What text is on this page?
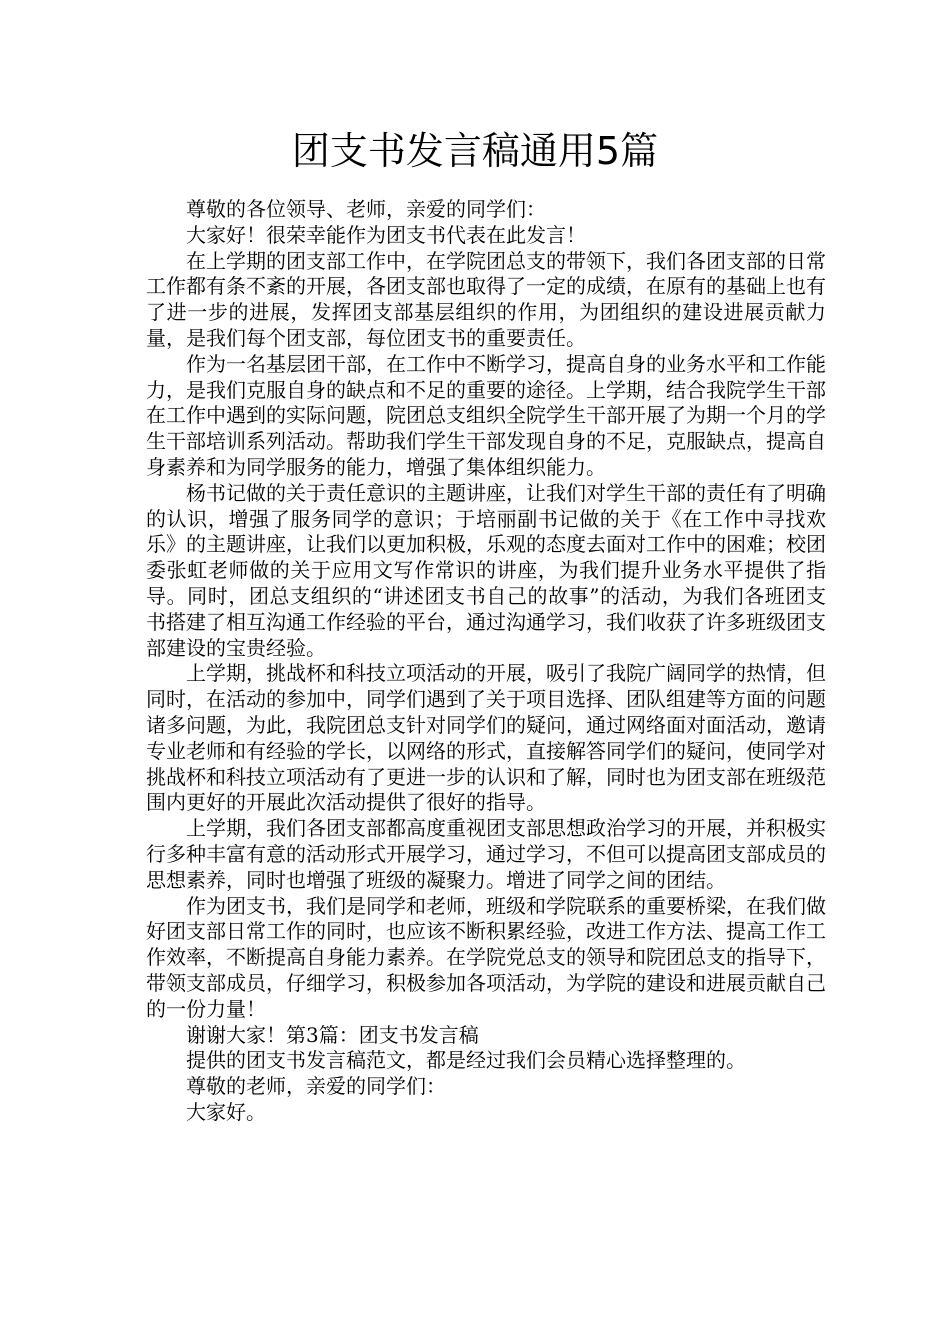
团支书发言稿通用5篇

尊敬的各位领导、老师，亲爱的同学们：

大家好！很荣幸能作为团支书代表在此发言！

在上学期的团支部工作中，在学院团总支的带领下，我们各团支部的日常工作都有条不紊的开展，各团支部也取得了一定的成绩，在原有的基础上也有了进一步的进展，发挥团支部基层组织的作用，为团组织的建设进展贡献力量，是我们每个团支部，每位团支书的重要责任。

作为一名基层团干部，在工作中不断学习，提高自身的业务水平和工作能力，是我们克服自身的缺点和不足的重要的途径。上学期，结合我院学生干部在工作中遇到的实际问题，院团总支组织全院学生干部开展了为期一个月的学生干部培训系列活动。帮助我们学生干部发现自身的不足，克服缺点，提高自身素养和为同学服务的能力，增强了集体组织能力。

杨书记做的关于责任意识的主题讲座，让我们对学生干部的责任有了明确的认识，增强了服务同学的意识；于培丽副书记做的关于《在工作中寻找欢乐》的主题讲座，让我们以更加积极，乐观的态度去面对工作中的困难；校团委张虹老师做的关于应用文写作常识的讲座，为我们提升业务水平提供了指导。同时，团总支组织的“讲述团支书自己的故事”的活动，为我们各班团支书搭建了相互沟通工作经验的平台，通过沟通学习，我们收获了许多班级团支部建设的宝贵经验。

上学期，挑战杯和科技立项活动的开展，吸引了我院广阔同学的热情，但同时，在活动的参加中，同学们遇到了关于项目选择、团队组建等方面的问题诸多问题，为此，我院团总支针对同学们的疑问，通过网络面对面活动，邀请专业老师和有经验的学长，以网络的形式，直接解答同学们的疑问，使同学对挑战杯和科技立项活动有了更进一步的认识和了解，同时也为团支部在班级范围内更好的开展此次活动提供了很好的指导。

上学期，我们各团支部都高度重视团支部思想政治学习的开展，并积极实行多种丰富有意的活动形式开展学习，通过学习，不但可以提高团支部成员的思想素养，同时也增强了班级的凝聚力。增进了同学之间的团结。

作为团支书，我们是同学和老师，班级和学院联系的重要桥梁，在我们做好团支部日常工作的同时，也应该不断积累经验，改进工作方法、提高工作工作效率，不断提高自身能力素养。在学院党总支的领导和院团总支的指导下，带领支部成员，仔细学习，积极参加各项活动，为学院的建设和进展贡献自己的一份力量！

谢谢大家！第3篇：团支书发言稿

提供的团支书发言稿范文，都是经过我们会员精心选择整理的。

尊敬的老师，亲爱的同学们：

大家好。
